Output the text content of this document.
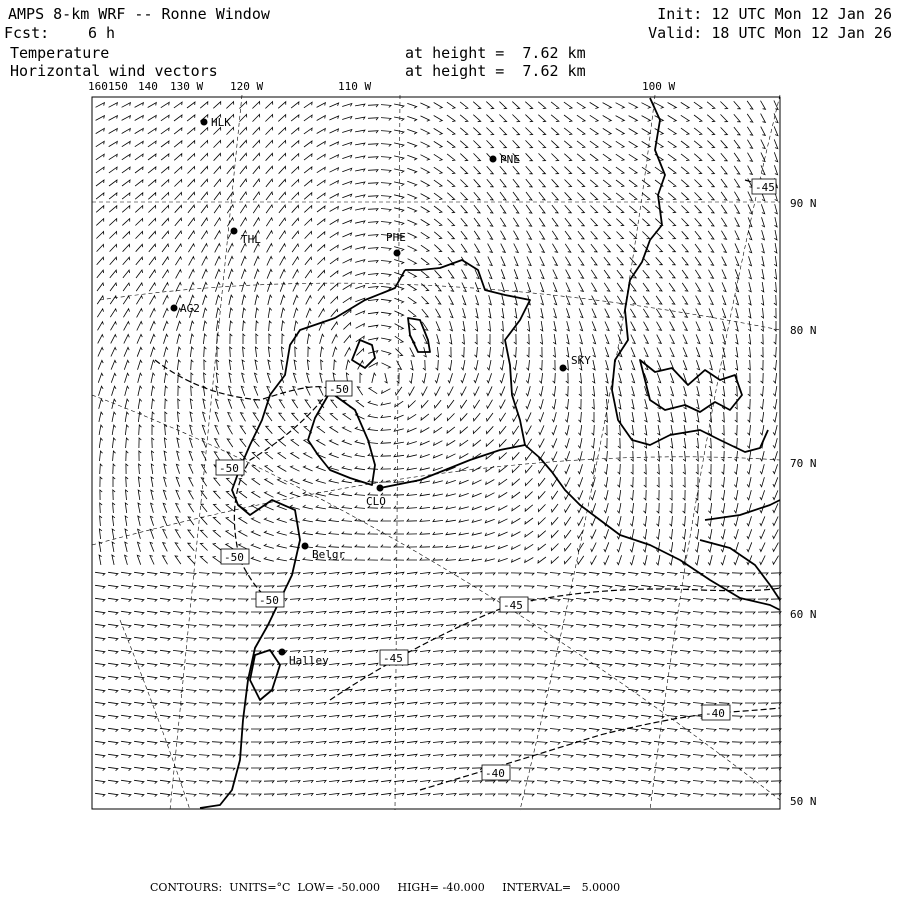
AMPS 8-km WRF -- Ronne Window
Fcst:	6 h
Temperature
Horizontal wind vectors
at height =  7.62 km
at height =  7.62 km
Init: 12 UTC Mon 12 Jan 26
Valid: 18 UTC Mon 12 Jan 26
160 150 140 130 W 120 W	110 W	100 W
90 N
80 N
70 N
60 N
50 N
HLK
PNE
THL	PHE
AG2
SKY
CLO
Belgr
Halley
-45
-50
-50
-50
-50	-45
-45
-40
-40
CONTOURS:  UNITS=°C  LOW= -50.000     HIGH= -40.000     INTERVAL=   5.0000
